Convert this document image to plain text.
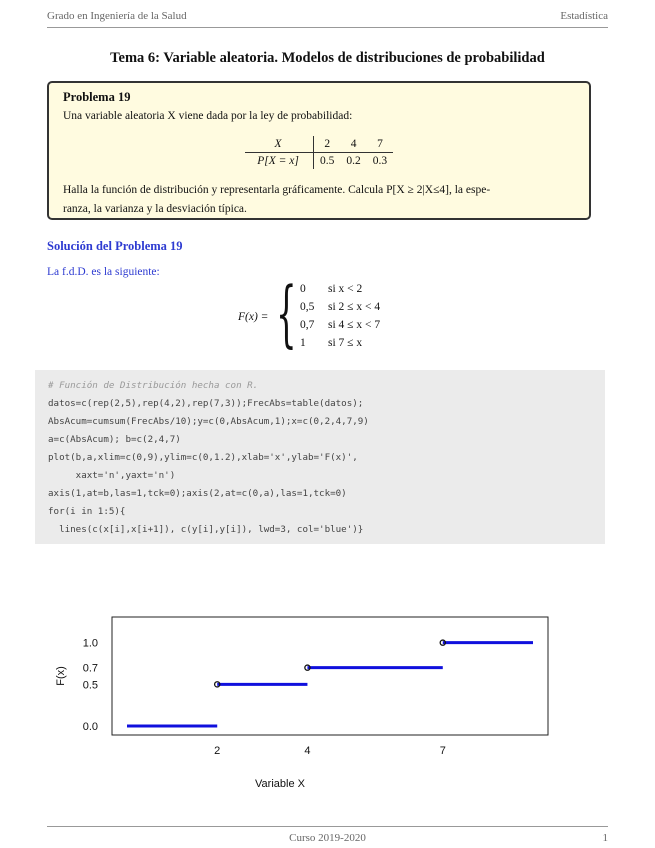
Grado en Ingeniería de la Salud	Estadística
Tema 6: Variable aleatoria. Modelos de distribuciones de probabilidad
Problema 19
Una variable aleatoria X viene dada por la ley de probabilidad:
X	2	4	7
P[X = x]	0.5	0.2	0.3
Halla la función de distribución y representarla gráficamente. Calcula P[X ≥ 2|X≤4], la espe-
ranza, la varianza y la desviación típica.
Solución del Problema 19
La f.d.D. es la siguiente:
F(x) = { 0 si x < 2
0,5 si 2 ≤ x < 4
0,7 si 4 ≤ x < 7
1 si 7 ≤ x
# Función de Distribución hecha con R.
datos=c(rep(2,5),rep(4,2),rep(7,3));FrecAbs=table(datos);
AbsAcum=cumsum(FrecAbs/10);y=c(0,AbsAcum,1);x=c(0,2,4,7,9)
a=c(AbsAcum); b=c(2,4,7)
plot(b,a,xlim=c(0,9),ylim=c(0,1.2),xlab='x',ylab='F(x)',
xaxt='n',yaxt='n')
axis(1,at=b,las=1,tck=0);axis(2,at=c(0,a),las=1,tck=0)
for(i in 1:5){
lines(c(x[i],x[i+1]), c(y[i],y[i]), lwd=3, col='blue')}
2	4	7
0.0
0.5
0.7
1.0
Variable X
F(x)
Curso 2019-2020	1
